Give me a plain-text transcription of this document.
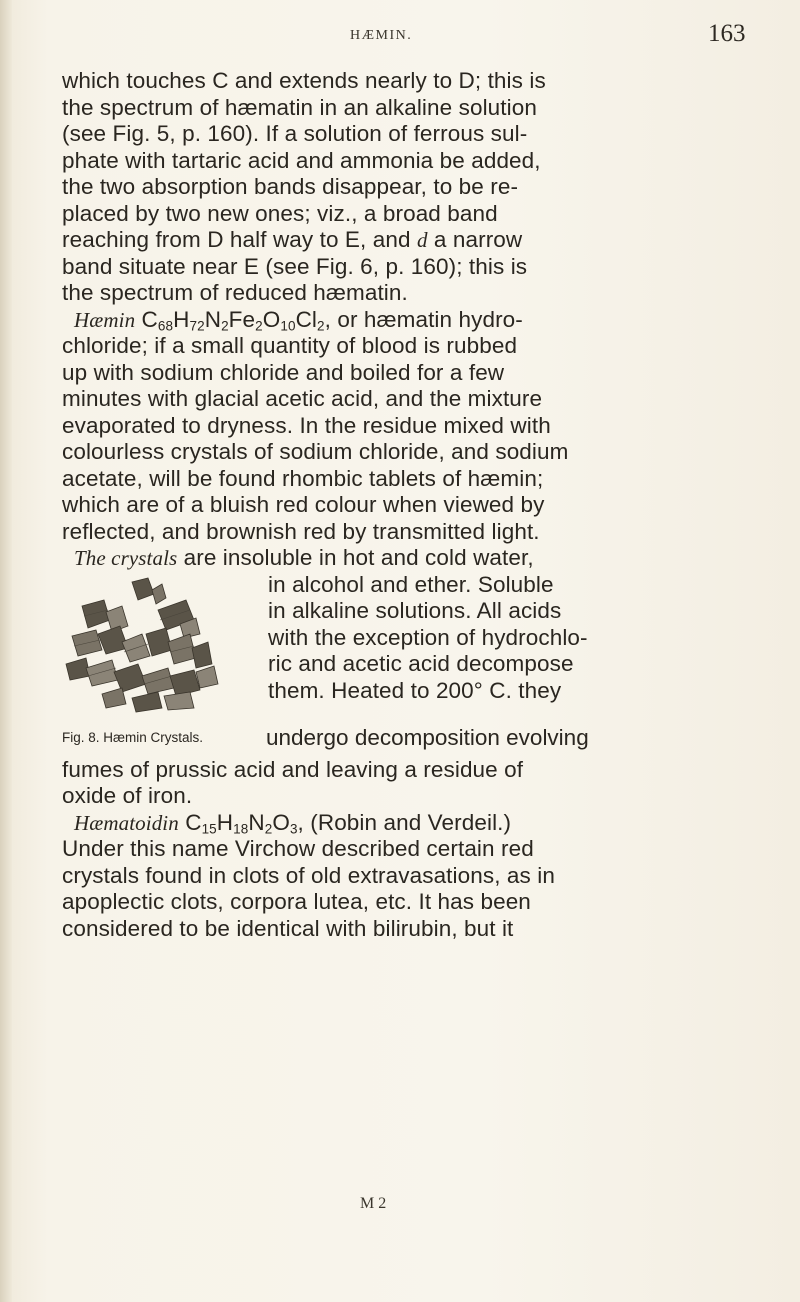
HÆMIN.	163
which touches C and extends nearly to D; this is
the spectrum of hæmatin in an alkaline solution
(see Fig. 5, p. 160). If a solution of ferrous sul-
phate with tartaric acid and ammonia be added,
the two absorption bands disappear, to be re-
placed by two new ones; viz., a broad band
reaching from D half way to E, and d a narrow
band situate near E (see Fig. 6, p. 160); this is
the spectrum of reduced hæmatin.
Hæmin $C_{68}H_{72}N_2Fe_2O_{10}Cl_2$, or hæmatin hydro-
chloride; if a small quantity of blood is rubbed
up with sodium chloride and boiled for a few
minutes with glacial acetic acid, and the mixture
evaporated to dryness. In the residue mixed with
colourless crystals of sodium chloride, and sodium
acetate, will be found rhombic tablets of hæmin;
which are of a bluish red colour when viewed by
reflected, and brownish red by transmitted light.
The crystals are insoluble in hot and cold water,
in alcohol and ether. Soluble
in alkaline solutions. All acids
with the exception of hydrochlo-
ric and acetic acid decompose
them. Heated to 200° C. they
Fig. 8. Hæmin Crystals.	undergo decomposition evolving
fumes of prussic acid and leaving a residue of
oxide of iron.
Hæmatoidin $C_{15}H_{18}N_2O_3$, (Robin and Verdeil.)
Under this name Virchow described certain red
crystals found in clots of old extravasations, as in
apoplectic clots, corpora lutea, etc. It has been
considered to be identical with bilirubin, but it
M 2
